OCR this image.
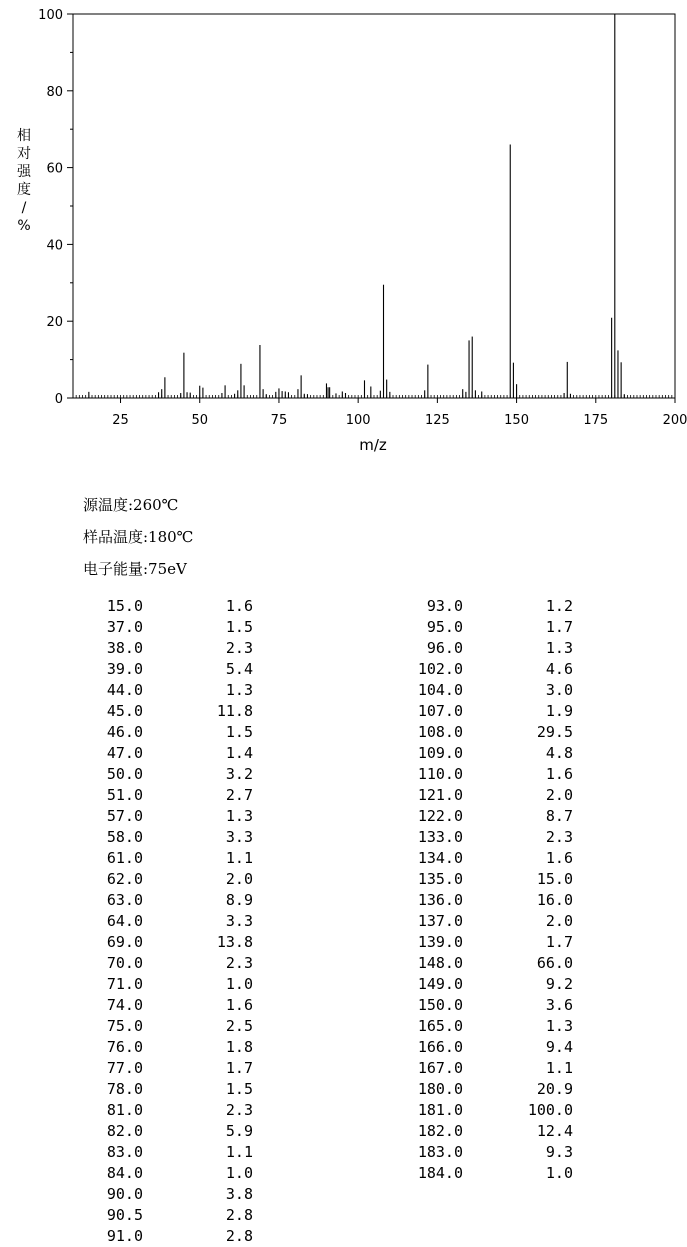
25	50	75	100	125	150	175	200
0
20
40
60
80
100
m/z
相对强度/ %
源温度:260℃
样品温度:180℃
电子能量:75eV
15.0	1.6
37.0	1.5
38.0	2.3
39.0	5.4
44.0	1.3
45.0	11.8
46.0	1.5
47.0	1.4
50.0	3.2
51.0	2.7
57.0	1.3
58.0	3.3
61.0	1.1
62.0	2.0
63.0	8.9
64.0	3.3
69.0	13.8
70.0	2.3
71.0	1.0
74.0	1.6
75.0	2.5
76.0	1.8
77.0	1.7
78.0	1.5
81.0	2.3
82.0	5.9
83.0	1.1
84.0	1.0
90.0	3.8
90.5	2.8
91.0	2.8
93.0	1.2
95.0	1.7
96.0	1.3
102.0	4.6
104.0	3.0
107.0	1.9
108.0	29.5
109.0	4.8
110.0	1.6
121.0	2.0
122.0	8.7
133.0	2.3
134.0	1.6
135.0	15.0
136.0	16.0
137.0	2.0
139.0	1.7
148.0	66.0
149.0	9.2
150.0	3.6
165.0	1.3
166.0	9.4
167.0	1.1
180.0	20.9
181.0	100.0
182.0	12.4
183.0	9.3
184.0	1.0
